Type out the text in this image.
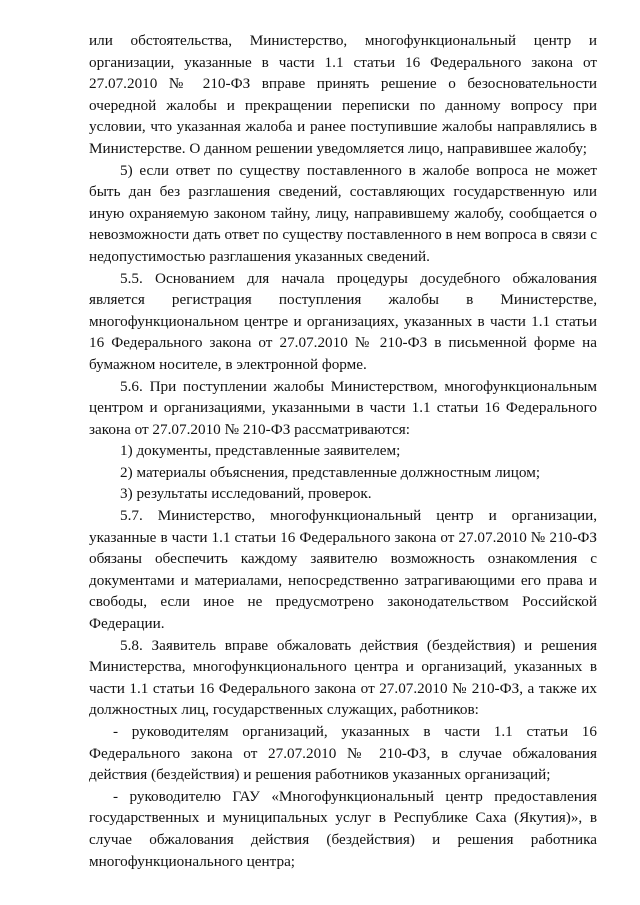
или обстоятельства, Министерство, многофункциональный центр и организации, указанные в части 1.1 статьи 16 Федерального закона от 27.07.2010 № 210-ФЗ вправе принять решение о безосновательности очередной жалобы и прекращении переписки по данному вопросу при условии, что указанная жалоба и ранее поступившие жалобы направлялись в Министерстве. О данном решении уведомляется лицо, направившее жалобу;

5) если ответ по существу поставленного в жалобе вопроса не может быть дан без разглашения сведений, составляющих государственную или иную охраняемую законом тайну, лицу, направившему жалобу, сообщается о невозможности дать ответ по существу поставленного в нем вопроса в связи с недопустимостью разглашения указанных сведений.

5.5. Основанием для начала процедуры досудебного обжалования является регистрация поступления жалобы в Министерстве, многофункциональном центре и организациях, указанных в части 1.1 статьи 16 Федерального закона от 27.07.2010 № 210-ФЗ в письменной форме на бумажном носителе, в электронной форме.

5.6. При поступлении жалобы Министерством, многофункциональным центром и организациями, указанными в части 1.1 статьи 16 Федерального закона от 27.07.2010 № 210-ФЗ рассматриваются:

1) документы, представленные заявителем;

2) материалы объяснения, представленные должностным лицом;

3) результаты исследований, проверок.

5.7. Министерство, многофункциональный центр и организации, указанные в части 1.1 статьи 16 Федерального закона от 27.07.2010 № 210-ФЗ обязаны обеспечить каждому заявителю возможность ознакомления с документами и материалами, непосредственно затрагивающими его права и свободы, если иное не предусмотрено законодательством Российской Федерации.

5.8. Заявитель вправе обжаловать действия (бездействия) и решения Министерства, многофункционального центра и организаций, указанных в части 1.1 статьи 16 Федерального закона от 27.07.2010 № 210-ФЗ, а также их должностных лиц, государственных служащих, работников:

- руководителям организаций, указанных в части 1.1 статьи 16 Федерального закона от 27.07.2010 № 210-ФЗ, в случае обжалования действия (бездействия) и решения работников указанных организаций;

- руководителю ГАУ «Многофункциональный центр предоставления государственных и муниципальных услуг в Республике Саха (Якутия)», в случае обжалования действия (бездействия) и решения работника многофункционального центра;
